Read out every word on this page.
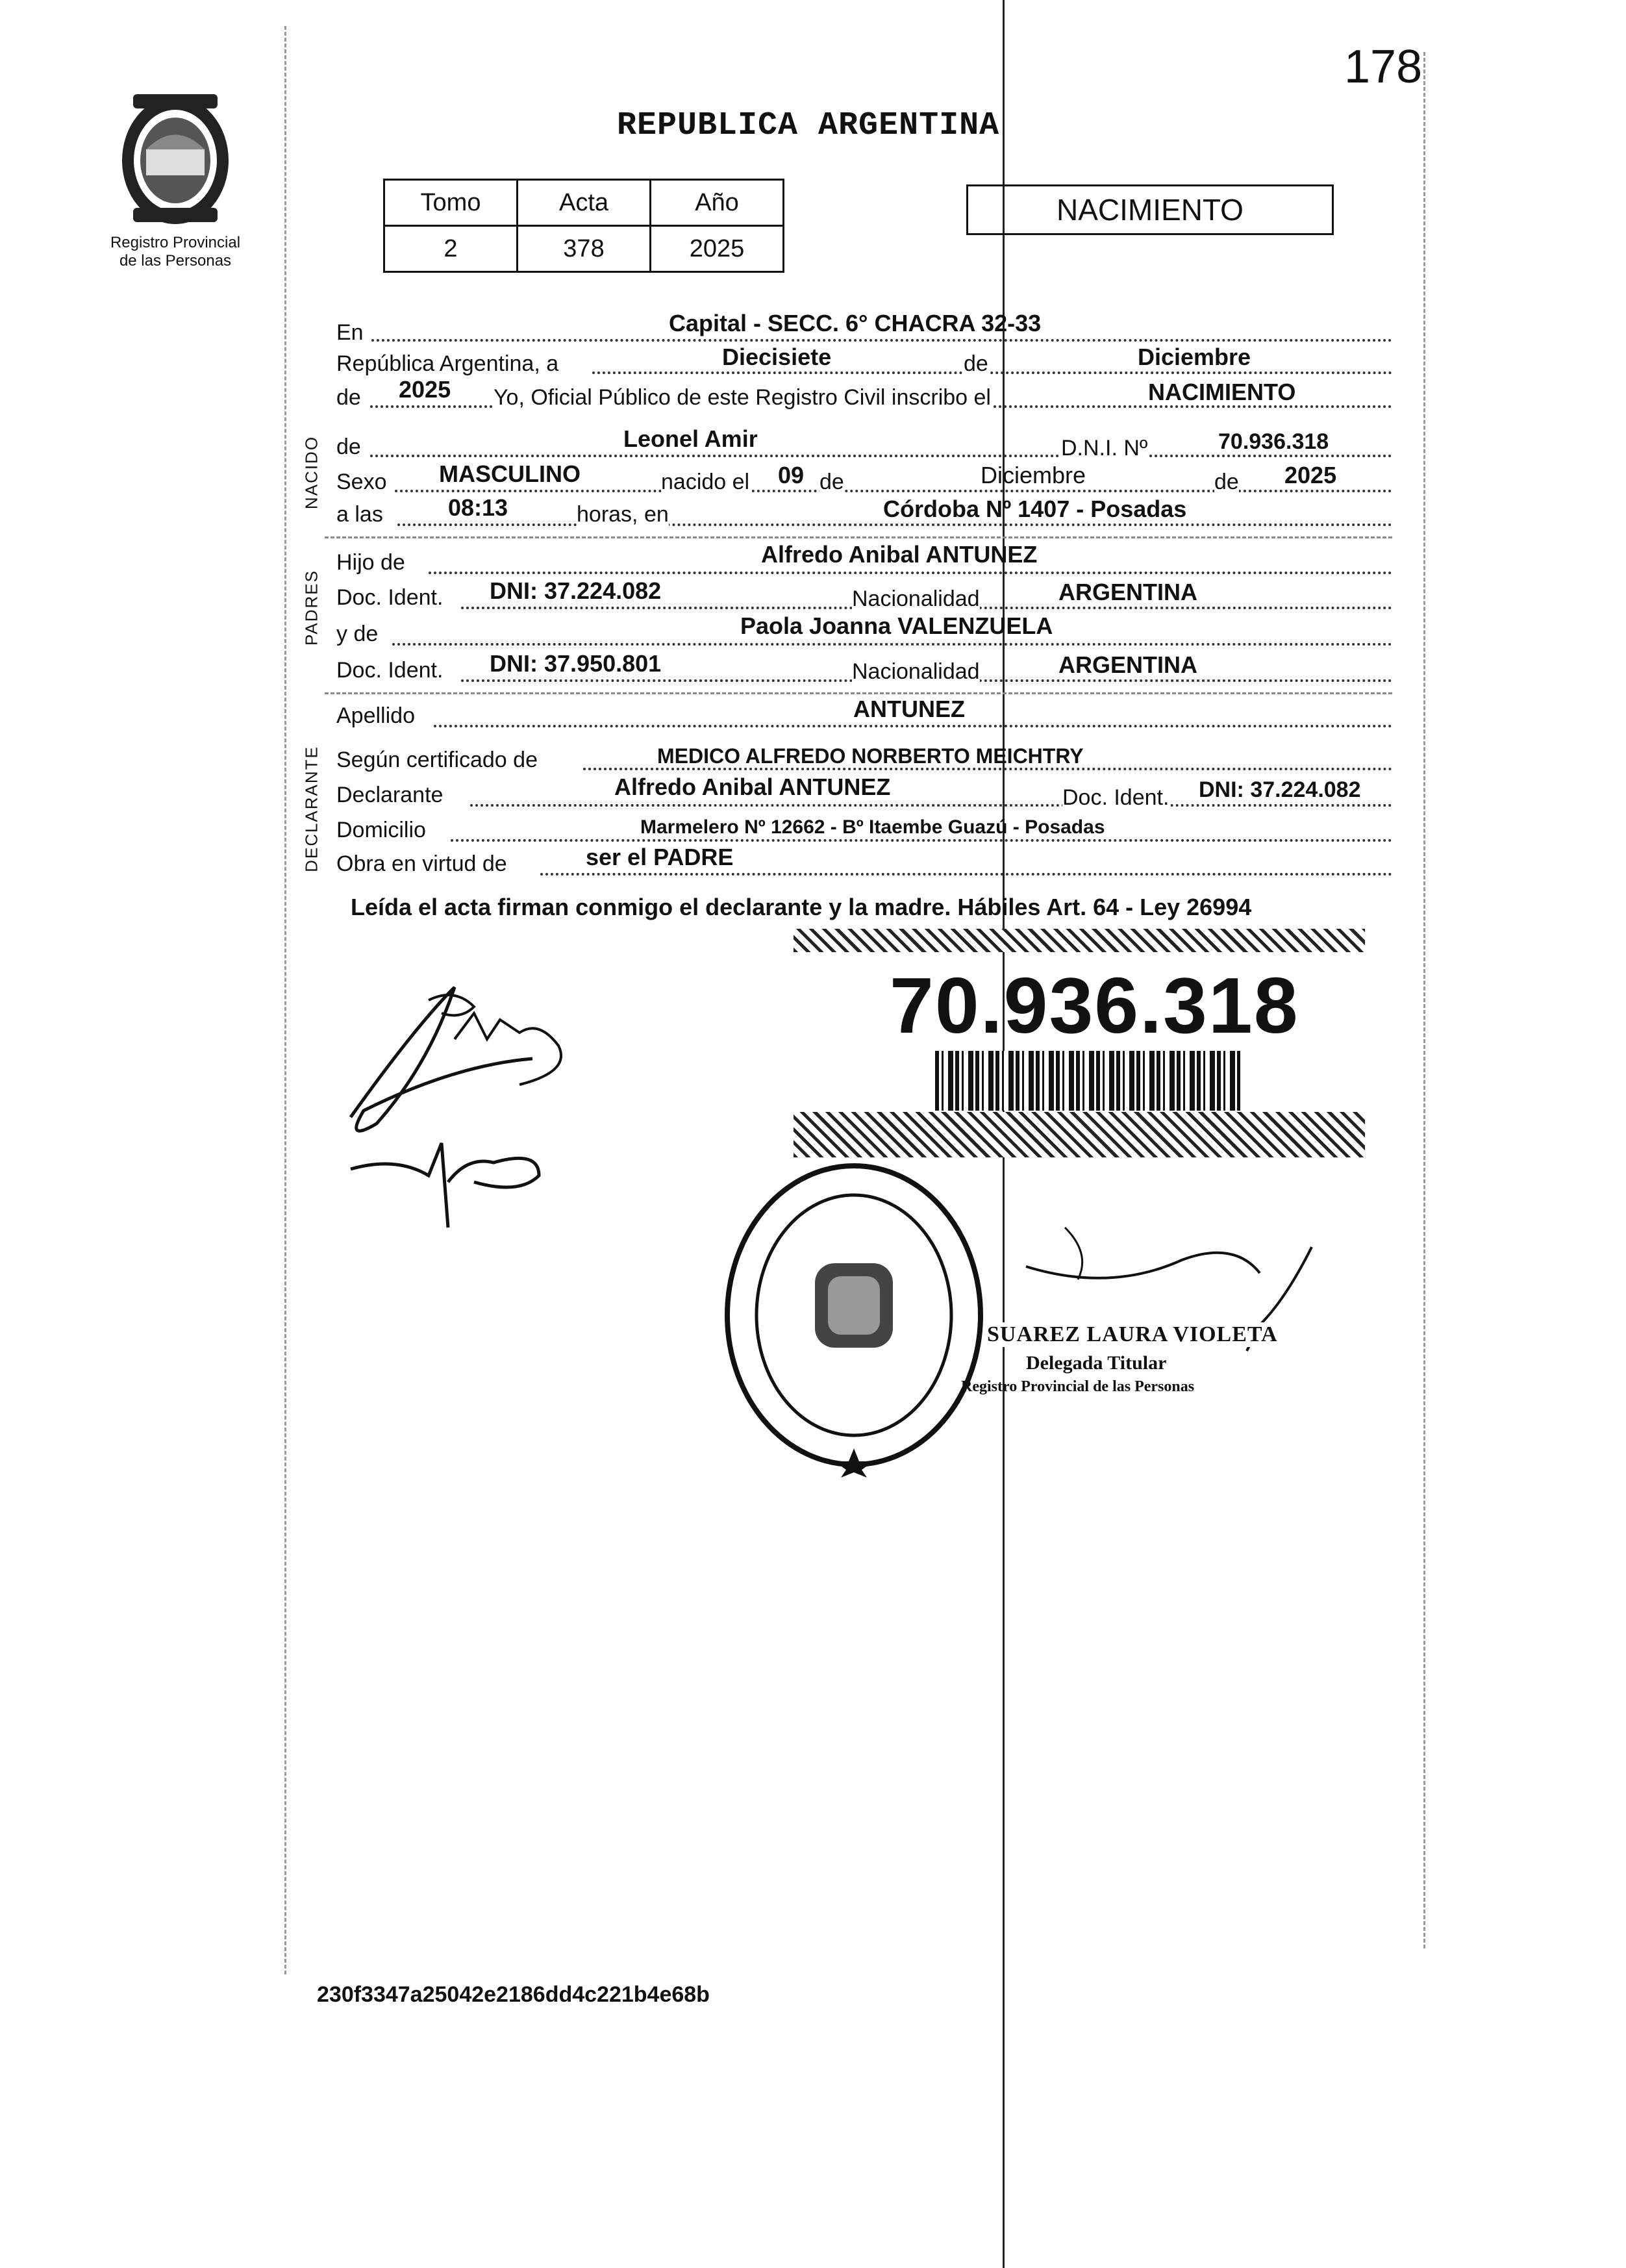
178
Registro Provincial
de las Personas
REPUBLICA ARGENTINA
Tomo	Acta	Año
2	378	2025
NACIMIENTO
En	Capital - SECC. 6° CHACRA 32-33
República Argentina, a	Diecisiete	de	Diciembre
de 2025 Yo, Oficial Público de este Registro Civil inscribo el	NACIMIENTO
de	Leonel Amir	D.N.I. Nº	70.936.318
Sexo MASCULINO	nacido el 09 de	Diciembre	de 2025
a las	08:13	horas, en	Córdoba Nº 1407 - Posadas
Hijo de	Alfredo Anibal ANTUNEZ
Doc. Ident. DNI: 37.224.082	Nacionalidad	ARGENTINA
y de	Paola Joanna VALENZUELA
Doc. Ident. DNI: 37.950.801	Nacionalidad	ARGENTINA
Apellido	ANTUNEZ
Según certificado de	MEDICO ALFREDO NORBERTO MEICHTRY
Declarante	Alfredo Anibal ANTUNEZ	Doc. Ident. DNI: 37.224.082
Domicilio	Marmelero Nº 12662 - Bº Itaembe Guazú - Posadas
Obra en virtud de	ser el PADRE
NACIDO
PADRES
DECLARANTE
Leída el acta firman conmigo el declarante y la madre. Hábiles Art. 64 - Ley 26994
70.936.318
SUAREZ LAURA VIOLETA
Delegada Titular
Registro Provincial de las Personas
230f3347a25042e2186dd4c221b4e68b
